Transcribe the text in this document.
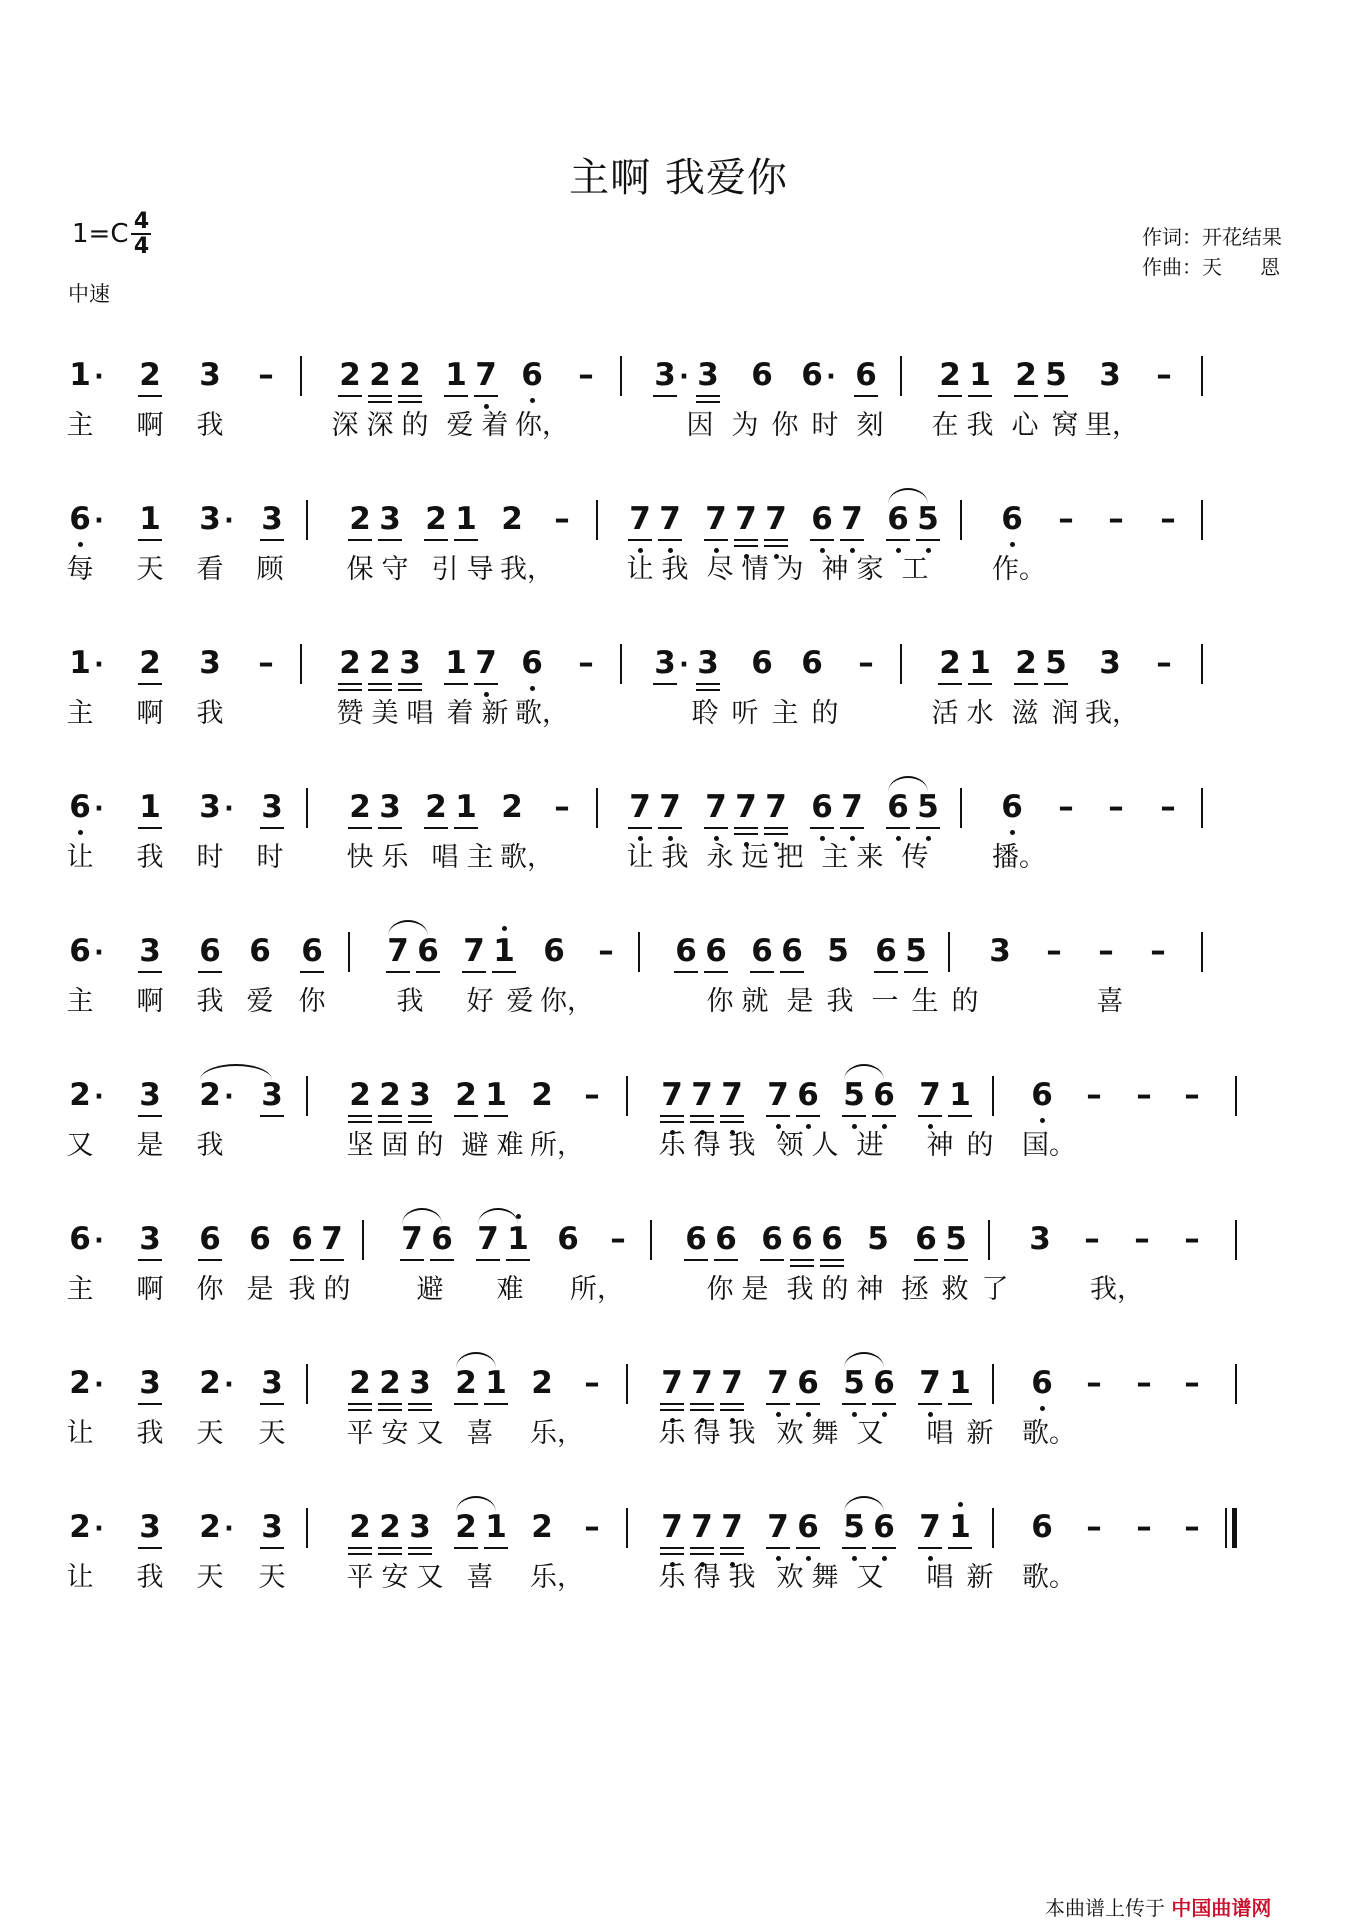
主啊 我爱你
$1=C \frac{4}{4}$
中速
作词：开花结果
作曲：天      恩
1 · 2 3	–	2 2 2 1 7 6	–	3 · 3 6 6 · 6 2 1 2 5 3	–
主 啊 我	深 深 的 爱 着 你，	因 为 你 时 刻 在 我 心 窝 里，
6 · 1 3 · 3 2 3 2 1 2	–	7 7 7 7 7 6 7 6 5 6	–	–	–
每 天 看 顾 保 守 引 导 我，	让 我 尽 情 为 神 家 工 作。
1 · 2 3	–	2 2 3 1 7 6	–	3 · 3 6 6	–	2 1 2 5 3	–
主 啊 我	赞 美 唱 着 新 歌，	聆 听 主 的	活 水 滋 润 我，
6 · 1 3 · 3 2 3 2 1 2	–	7 7 7 7 7 6 7 6 5 6	–	–	–
让 我 时 时 快 乐 唱 主 歌，	让 我 永 远 把 主 来 传 播。
6 · 3 6 6 6 7 6 7 1 6	–	6 6 6 6 5 6 5 3	–	–	–
主 啊 我 爱 你	我 好 爱 你，	你 就 是 我 一 生 的	喜
2 · 3 2 · 3 2 2 3 2 1 2	–	7 7 7 7 6 5 6 7 1 6	–	–	–
又 是 我	坚 固 的 避 难 所，	乐 得 我 领 人 进 神 的 国。
6 · 3 6 6 6 7 7 6 7 1 6	–	6 6 6 6 6 5 6 5 3	–	–	–
主 啊 你 是 我 的 避 难 所，	你 是 我 的 神 拯 救 了	我，
2 · 3 2 · 3 2 2 3 2 1 2	–	7 7 7 7 6 5 6 7 1 6	–	–	–
让 我 天 天 平 安 又 喜 乐，	乐 得 我 欢 舞 又 唱 新 歌。
2 · 3 2 · 3 2 2 3 2 1 2	–	7 7 7 7 6 5 6 7 1 6	–	–	–
让 我 天 天 平 安 又 喜 乐，	乐 得 我 欢 舞 又 唱 新 歌。
本曲谱上传于 中国曲谱网
